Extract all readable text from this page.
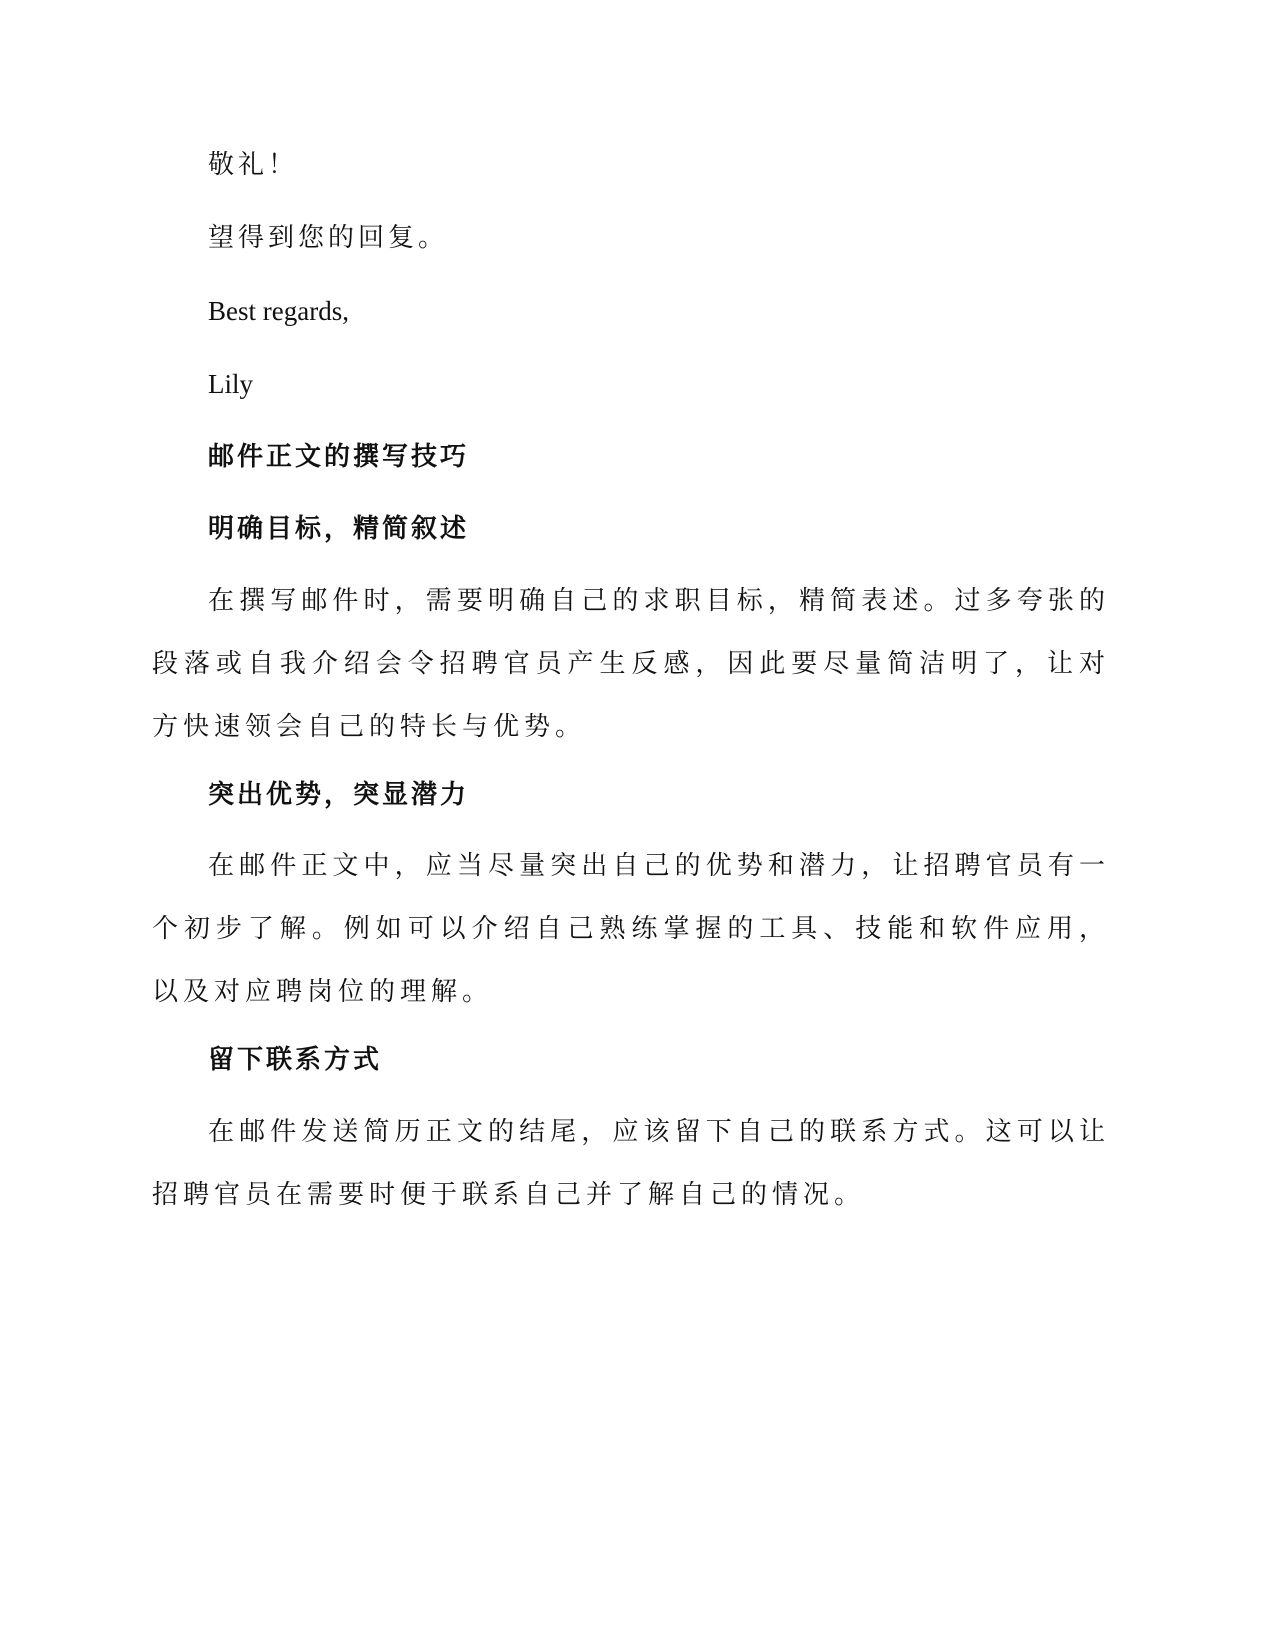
敬礼！
望得到您的回复。
Best regards,
Lily
邮件正文的撰写技巧
明确目标，精简叙述

在撰写邮件时，需要明确自己的求职目标，精简表述。过多夸张的段落或自我介绍会令招聘官员产生反感，因此要尽量简洁明了，让对方快速领会自己的特长与优势。

突出优势，突显潜力

在邮件正文中，应当尽量突出自己的优势和潜力，让招聘官员有一个初步了解。例如可以介绍自己熟练掌握的工具、技能和软件应用，以及对应聘岗位的理解。

留下联系方式

在邮件发送简历正文的结尾，应该留下自己的联系方式。这可以让招聘官员在需要时便于联系自己并了解自己的情况。
